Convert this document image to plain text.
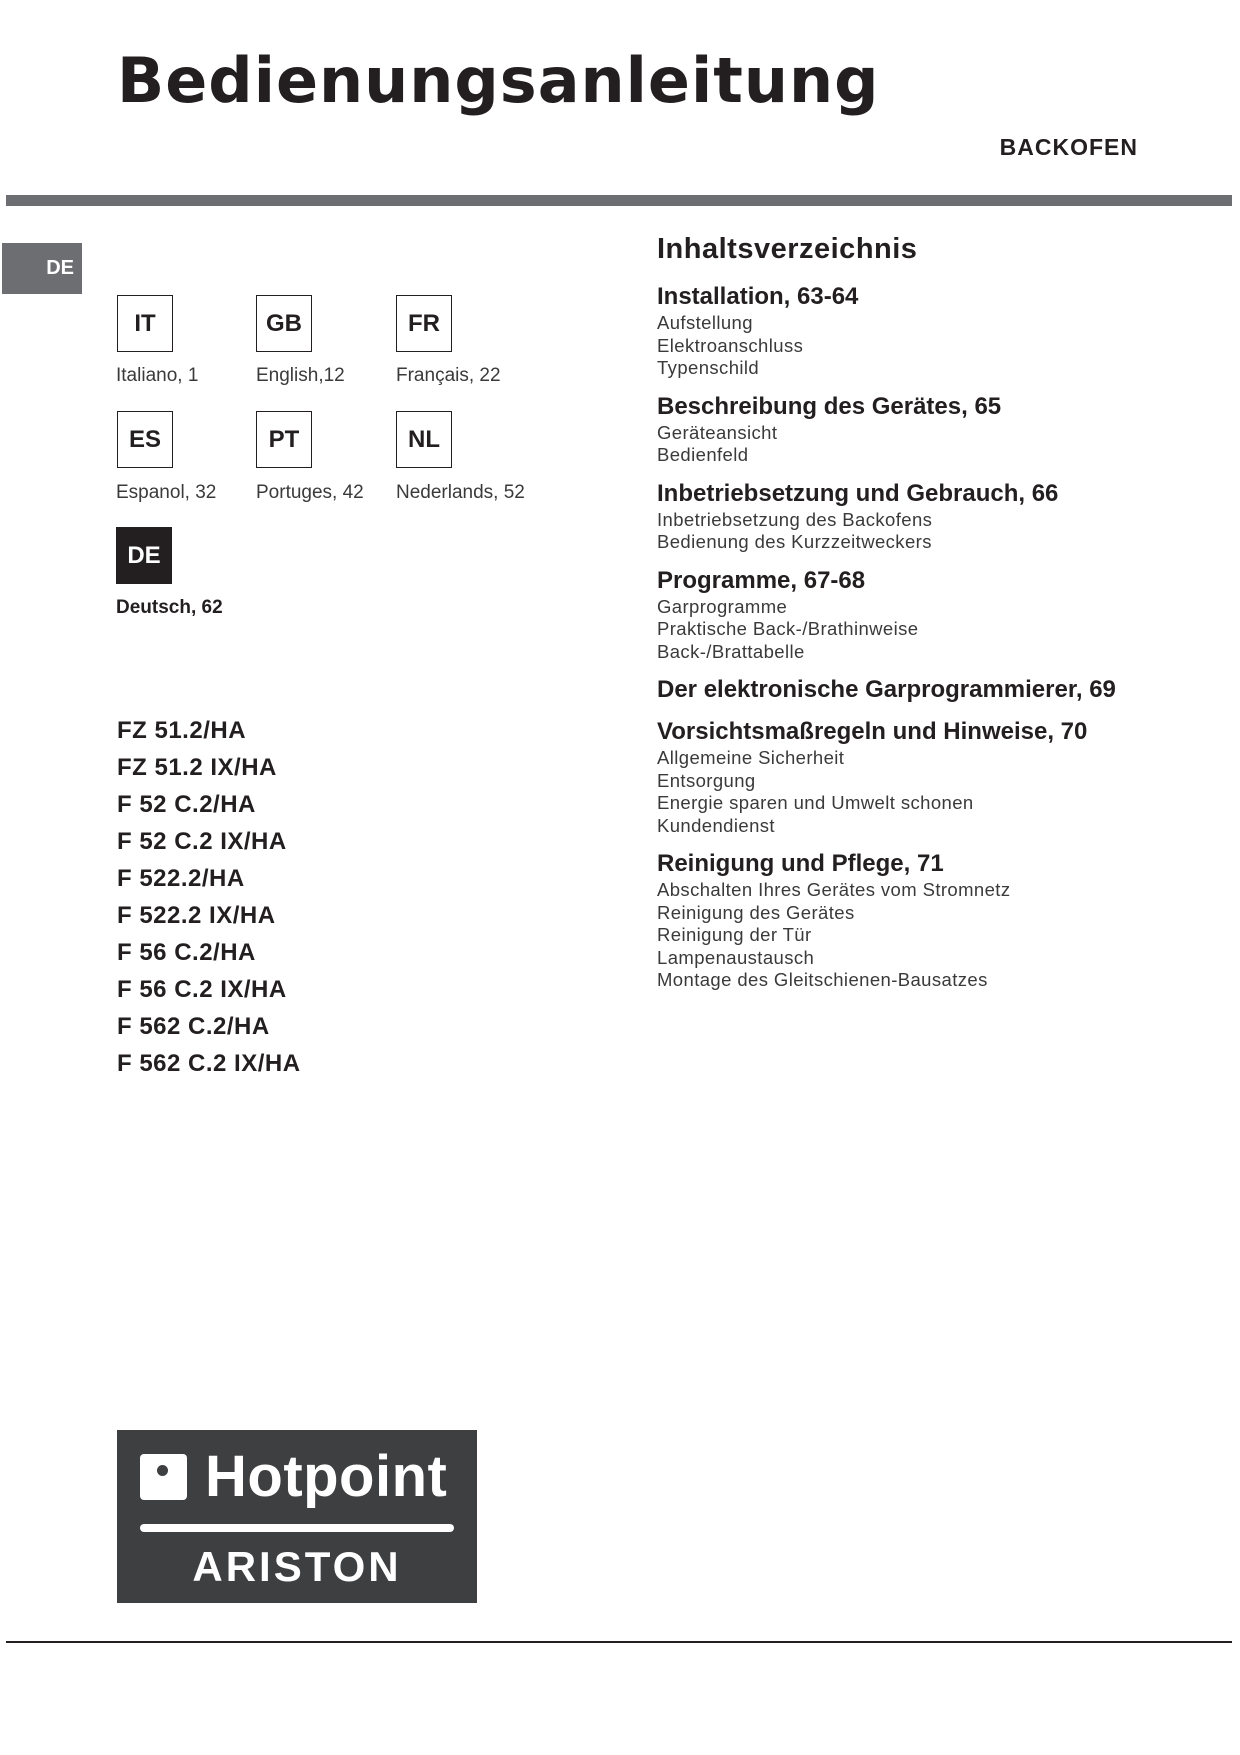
Bedienungsanleitung
BACKOFEN
DE
IT
Italiano, 1
GB
English,12
FR
Français, 22
ES
Espanol, 32
PT
Portuges, 42
NL
Nederlands, 52
DE
Deutsch, 62
FZ 51.2/HA
FZ 51.2 IX/HA
F 52 C.2/HA
F 52 C.2 IX/HA
F 522.2/HA
F 522.2 IX/HA
F 56 C.2/HA
F 56 C.2 IX/HA
F 562 C.2/HA
F 562 C.2 IX/HA
Inhaltsverzeichnis
Installation, 63-64
Aufstellung
Elektroanschluss
Typenschild
Beschreibung des Gerätes, 65
Geräteansicht
Bedienfeld
Inbetriebsetzung und Gebrauch, 66
Inbetriebsetzung des Backofens
Bedienung des Kurzzeitweckers
Programme, 67-68
Garprogramme
Praktische Back-/Brathinweise
Back-/Brattabelle
Der elektronische Garprogrammierer, 69
Vorsichtsmaßregeln und Hinweise, 70
Allgemeine Sicherheit
Entsorgung
Energie sparen und Umwelt schonen
Kundendienst
Reinigung und Pflege, 71
Abschalten Ihres Gerätes vom Stromnetz
Reinigung des Gerätes
Reinigung der Tür
Lampenaustausch
Montage des Gleitschienen-Bausatzes
Hotpoint
ARISTON
